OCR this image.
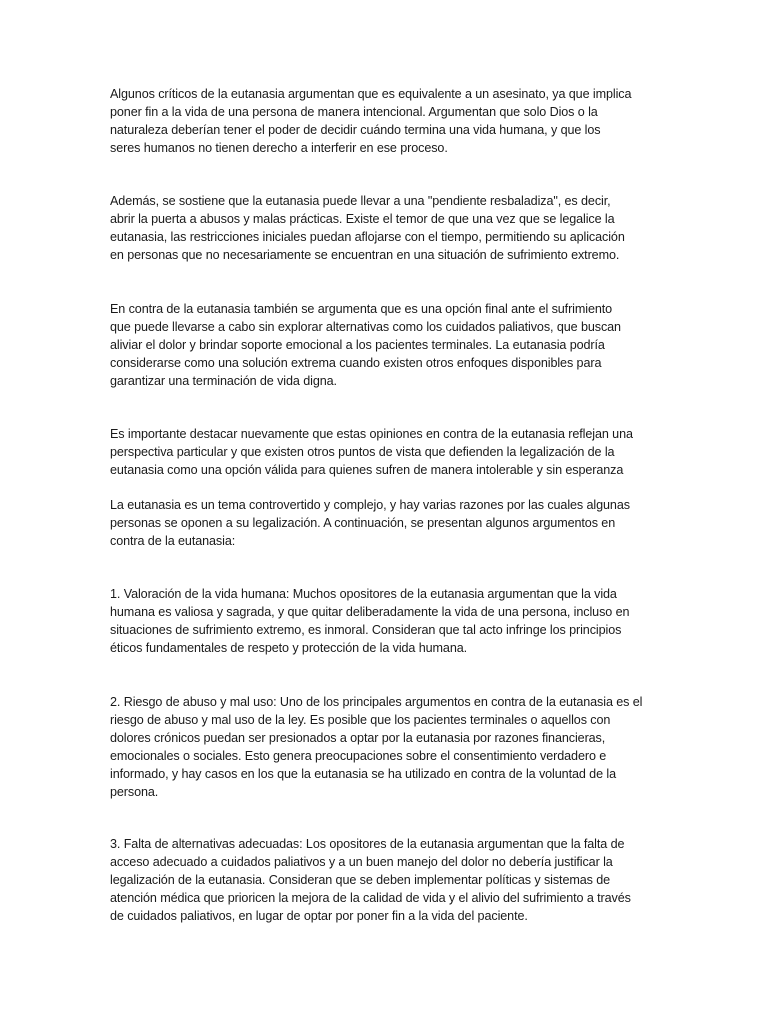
Algunos críticos de la eutanasia argumentan que es equivalente a un asesinato, ya que implica
poner fin a la vida de una persona de manera intencional. Argumentan que solo Dios o la
naturaleza deberían tener el poder de decidir cuándo termina una vida humana, y que los
seres humanos no tienen derecho a interferir en ese proceso.

Además, se sostiene que la eutanasia puede llevar a una "pendiente resbaladiza", es decir,
abrir la puerta a abusos y malas prácticas. Existe el temor de que una vez que se legalice la
eutanasia, las restricciones iniciales puedan aflojarse con el tiempo, permitiendo su aplicación
en personas que no necesariamente se encuentran en una situación de sufrimiento extremo.

En contra de la eutanasia también se argumenta que es una opción final ante el sufrimiento
que puede llevarse a cabo sin explorar alternativas como los cuidados paliativos, que buscan
aliviar el dolor y brindar soporte emocional a los pacientes terminales. La eutanasia podría
considerarse como una solución extrema cuando existen otros enfoques disponibles para
garantizar una terminación de vida digna.

Es importante destacar nuevamente que estas opiniones en contra de la eutanasia reflejan una
perspectiva particular y que existen otros puntos de vista que defienden la legalización de la
eutanasia como una opción válida para quienes sufren de manera intolerable y sin esperanza

La eutanasia es un tema controvertido y complejo, y hay varias razones por las cuales algunas
personas se oponen a su legalización. A continuación, se presentan algunos argumentos en
contra de la eutanasia:

1. Valoración de la vida humana: Muchos opositores de la eutanasia argumentan que la vida
humana es valiosa y sagrada, y que quitar deliberadamente la vida de una persona, incluso en
situaciones de sufrimiento extremo, es inmoral. Consideran que tal acto infringe los principios
éticos fundamentales de respeto y protección de la vida humana.

2. Riesgo de abuso y mal uso: Uno de los principales argumentos en contra de la eutanasia es el
riesgo de abuso y mal uso de la ley. Es posible que los pacientes terminales o aquellos con
dolores crónicos puedan ser presionados a optar por la eutanasia por razones financieras,
emocionales o sociales. Esto genera preocupaciones sobre el consentimiento verdadero e
informado, y hay casos en los que la eutanasia se ha utilizado en contra de la voluntad de la
persona.

3. Falta de alternativas adecuadas: Los opositores de la eutanasia argumentan que la falta de
acceso adecuado a cuidados paliativos y a un buen manejo del dolor no debería justificar la
legalización de la eutanasia. Consideran que se deben implementar políticas y sistemas de
atención médica que prioricen la mejora de la calidad de vida y el alivio del sufrimiento a través
de cuidados paliativos, en lugar de optar por poner fin a la vida del paciente.
